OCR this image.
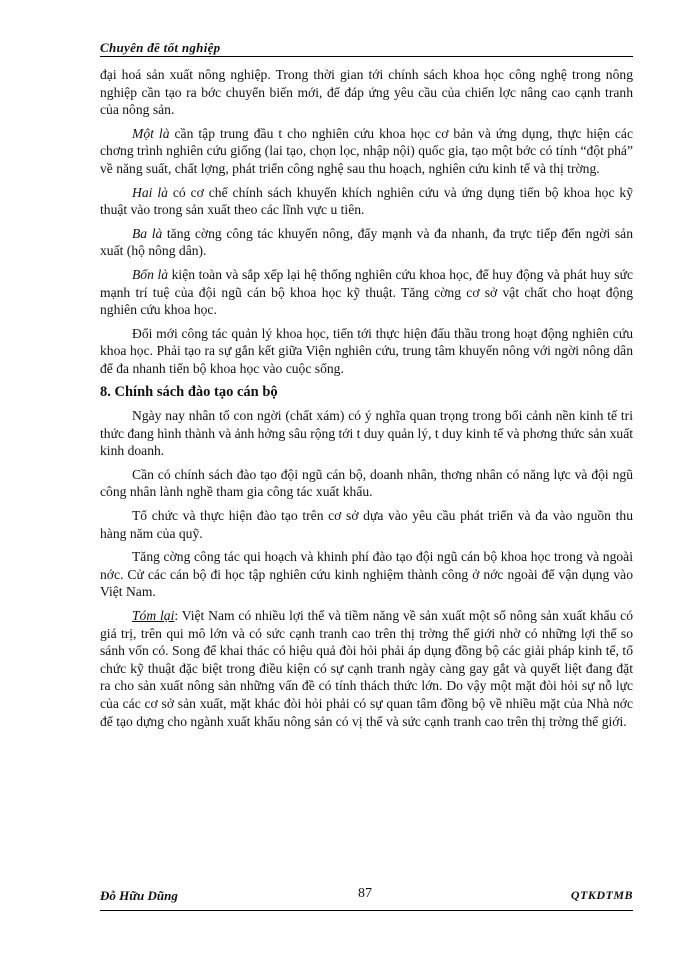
Chuyên đề tốt nghiệp

đại hoá sản xuất nông nghiệp. Trong thời gian tới chính sách khoa học công nghệ trong nông nghiệp cần tạo ra bớc chuyển biến mới, để đáp ứng yêu cầu của chiến lợc nâng cao cạnh tranh của nông sản.

Một là cần tập trung đầu t cho nghiên cứu khoa học cơ bản và ứng dụng, thực hiện các chơng trình nghiên cứu giống (lai tạo, chọn lọc, nhập nội) quốc gia, tạo một bớc có tính “đột phá” về năng suất, chất lợng, phát triển công nghệ sau thu hoạch, nghiên cứu kinh tế và thị trờng.

Hai là có cơ chế chính sách khuyến khích nghiên cứu và ứng dụng tiến bộ khoa học kỹ thuật vào trong sản xuất theo các lĩnh vực u tiên.

Ba là tăng cờng công tác khuyến nông, đẩy mạnh và đa nhanh, đa trực tiếp đến ngời sản xuất (hộ nông dân).

Bốn là kiện toàn và sắp xếp lại hệ thống nghiên cứu khoa học, để huy động và phát huy sức mạnh trí tuệ của đội ngũ cán bộ khoa học kỹ thuật. Tăng cờng cơ sở vật chất cho hoạt động nghiên cứu khoa học.

Đổi mới công tác quản lý khoa học, tiến tới thực hiện đấu thầu trong hoạt động nghiên cứu khoa học. Phải tạo ra sự gắn kết giữa Viện nghiên cứu, trung tâm khuyến nông với ngời nông dân để đa nhanh tiến bộ khoa học vào cuộc sống.

8. Chính sách đào tạo cán bộ

Ngày nay nhân tố con ngời (chất xám) có ý nghĩa quan trọng trong bối cảnh nền kinh tế tri thức đang hình thành và ảnh hởng sâu rộng tới t duy quản lý, t duy kinh tế và phơng thức sản xuất kinh doanh.

Cần có chính sách đào tạo đội ngũ cán bộ, doanh nhân, thơng nhân có năng lực và đội ngũ công nhân lành nghề tham gia công tác xuất khẩu.

Tổ chức và thực hiện đào tạo trên cơ sở dựa vào yêu cầu phát triển và đa vào nguồn thu hàng năm của quỹ.

Tăng cờng công tác qui hoạch và khinh phí đào tạo đội ngũ cán bộ khoa học trong và ngoài nớc. Cử các cán bộ đi học tập nghiên cứu kinh nghiệm thành công ở nớc ngoài để vận dụng vào Việt Nam.

Tóm lại: Việt Nam có nhiều lợi thế và tiềm năng về sản xuất một số nông sản xuất khẩu có giá trị, trên qui mô lớn và có sức cạnh tranh cao trên thị trờng thế giới nhờ có những lợi thế so sánh vốn có. Song để khai thác có hiệu quả đòi hỏi phải áp dụng đồng bộ các giải pháp kinh tế, tổ chức kỹ thuật đặc biệt trong điều kiện có sự cạnh tranh ngày càng gay gắt và quyết liệt đang đặt ra cho sản xuất nông sản những vấn đề có tính thách thức lớn. Do vậy một mặt đòi hỏi sự nỗ lực của các cơ sở sản xuất, mặt khác đòi hỏi phải có sự quan tâm đồng bộ về nhiều mặt của Nhà nớc để tạo dựng cho ngành xuất khẩu nông sản có vị thế và sức cạnh tranh cao trên thị trờng thế giới.

Đỗ Hữu Dũng	87	QTKDTMB
